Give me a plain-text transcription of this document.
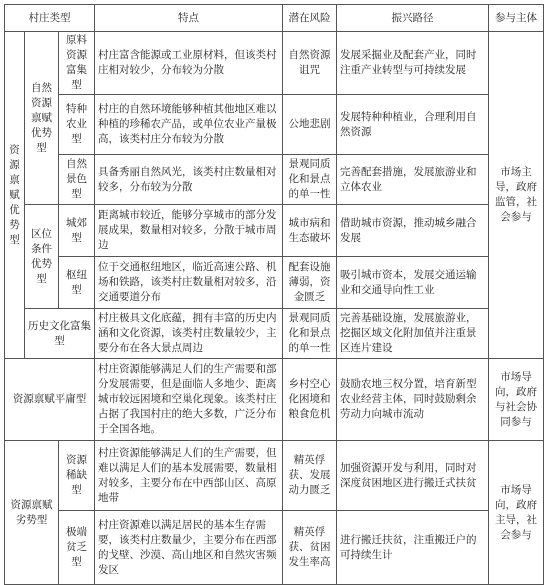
村庄类型			特点	潜在风险	振兴路径	参与主体
资源禀赋优势型	自然资源禀赋优势型	原料资源富集型	村庄富含能源或工业原材料，但该类村庄相对较少，分布较为分散	自然资源诅咒	发展采掘业及配套产业，同时注重产业转型与可持续发展	市场主导，政府监管，社会参与
		特种农业型	村庄的自然环境能够种植其他地区难以种植的珍稀农产品，或单位农业产量极高，该类村庄分布较为分散	公地悲剧	发展特种种植业，合理利用自然资源	
		自然景色型	具备秀丽自然风光，该类村庄数量相对较多，分布较为分散	景观同质化和景点的单一性	完善配套措施，发展旅游业和立体农业	
	区位条件优势型	城郊型	距离城市较近，能够分享城市的部分发展成果，数量相对较多，分散于城市周边	城市病和生态破坏	借助城市资源，推动城乡融合发展	
		枢纽型	位于交通枢纽地区，临近高速公路、机场和铁路，该类村庄数量相对较多，沿交通要道分布	配套设施薄弱，资金匮乏	吸引城市资本，发展交通运输业和交通导向性工业	
	历史文化富集型		村庄极具文化底蕴，拥有丰富的历史内涵和文化资源，该类村庄数量较少，主要分布在各大景点周边	景观同质化和景点的单一性	完善基础设施，发展旅游业，挖掘区域文化附加值并注重景区连片建设	
资源禀赋平庸型			村庄资源能够满足人们的生产需要和部分发展需要，但是面临人多地少、距离城市较远困境和空巢化现象。该类村庄占据了我国村庄的绝大多数，广泛分布于全国各地。	乡村空心化困境和粮食危机	鼓励农地三权分置，培育新型农业经营主体，同时鼓励剩余劳动力向城市流动	市场导向，政府与社会协同参与
资源禀赋劣势型		资源稀缺型	村庄资源能够满足人们的生产需要，但难以满足人们的基本发展需要，数量相对较多，主要分布在中西部山区、高原地带	精英俘获、发展动力匮乏	加强资源开发与利用，同时对深度贫困地区进行搬迁式扶贫	市场导向，政府主导，社会参与
		极端贫乏型	村庄资源难以满足居民的基本生存需要，该类村庄数量少，主要分布在西部的戈壁、沙漠、高山地区和自然灾害频发区	精英俘获、贫困发生率高	进行搬迁扶贫，注重搬迁户的可持续生计	
